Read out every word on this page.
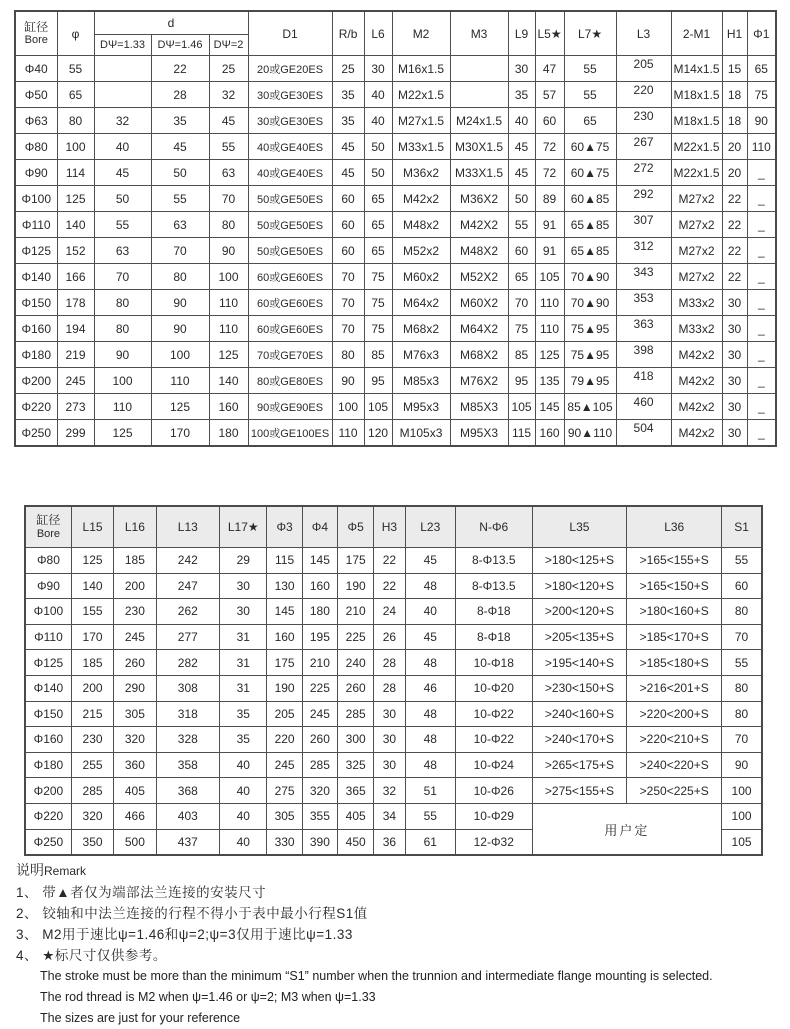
缸径
Bore	φ	d			D1	R/b	L6	M2	M3	L9	L5★	L7★	L3	2-M1	H1	Φ1
		DΨ=1.33	DΨ=1.46	DΨ=2												
Φ40	55		22	25	20或GE20ES	25	30	M16x1.5		30	47	55	205	M14x1.5	15	65
Φ50	65		28	32	30或GE30ES	35	40	M22x1.5		35	57	55	220	M18x1.5	18	75
Φ63	80	32	35	45	30或GE30ES	35	40	M27x1.5	M24x1.5	40	60	65	230	M18x1.5	18	90
Φ80	100	40	45	55	40或GE40ES	45	50	M33x1.5	M30X1.5	45	72	60▲75	267	M22x1.5	20	110
Φ90	114	45	50	63	40或GE40ES	45	50	M36x2	M33X1.5	45	72	60▲75	272	M22x1.5	20	_
Φ100	125	50	55	70	50或GE50ES	60	65	M42x2	M36X2	50	89	60▲85	292	M27x2	22	_
Φ110	140	55	63	80	50或GE50ES	60	65	M48x2	M42X2	55	91	65▲85	307	M27x2	22	_
Φ125	152	63	70	90	50或GE50ES	60	65	M52x2	M48X2	60	91	65▲85	312	M27x2	22	_
Φ140	166	70	80	100	60或GE60ES	70	75	M60x2	M52X2	65	105	70▲90	343	M27x2	22	_
Φ150	178	80	90	110	60或GE60ES	70	75	M64x2	M60X2	70	110	70▲90	353	M33x2	30	_
Φ160	194	80	90	110	60或GE60ES	70	75	M68x2	M64X2	75	110	75▲95	363	M33x2	30	_
Φ180	219	90	100	125	70或GE70ES	80	85	M76x3	M68X2	85	125	75▲95	398	M42x2	30	_
Φ200	245	100	110	140	80或GE80ES	90	95	M85x3	M76X2	95	135	79▲95	418	M42x2	30	_
Φ220	273	110	125	160	90或GE90ES	100	105	M95x3	M85X3	105	145	85▲105	460	M42x2	30	_
Φ250	299	125	170	180	100或GE100ES	110	120	M105x3	M95X3	115	160	90▲110	504	M42x2	30	_
缸径
Bore	L15	L16	L13	L17★	Φ3	Φ4	Φ5	H3	L23	N-Φ6	L35	L36	S1
Φ80	125	185	242	29	115	145	175	22	45	8-Φ13.5	>180<125+S	>165<155+S	55
Φ90	140	200	247	30	130	160	190	22	48	8-Φ13.5	>180<120+S	>165<150+S	60
Φ100	155	230	262	30	145	180	210	24	40	8-Φ18	>200<120+S	>180<160+S	80
Φ110	170	245	277	31	160	195	225	26	45	8-Φ18	>205<135+S	>185<170+S	70
Φ125	185	260	282	31	175	210	240	28	48	10-Φ18	>195<140+S	>185<180+S	55
Φ140	200	290	308	31	190	225	260	28	46	10-Φ20	>230<150+S	>216<201+S	80
Φ150	215	305	318	35	205	245	285	30	48	10-Φ22	>240<160+S	>220<200+S	80
Φ160	230	320	328	35	220	260	300	30	48	10-Φ22	>240<170+S	>220<210+S	70
Φ180	255	360	358	40	245	285	325	30	48	10-Φ24	>265<175+S	>240<220+S	90
Φ200	285	405	368	40	275	320	365	32	51	10-Φ26	>275<155+S	>250<225+S	100
Φ220	320	466	403	40	305	355	405	34	55	10-Φ29	用户定		100
Φ250	350	500	437	40	330	390	450	36	61	12-Φ32			105
说明Remark
1、 带▲者仅为端部法兰连接的安装尺寸
2、 铰轴和中法兰连接的行程不得小于表中最小行程S1值
3、 M2用于速比ψ=1.46和ψ=2;ψ=3仅用于速比ψ=1.33
4、 ★标尺寸仅供参考。
The stroke must be more than the minimum “S1” number when the trunnion and intermediate flange mounting is selected.
The rod thread is M2 when ψ=1.46 or ψ=2; M3 when ψ=1.33
The sizes are just for your reference
